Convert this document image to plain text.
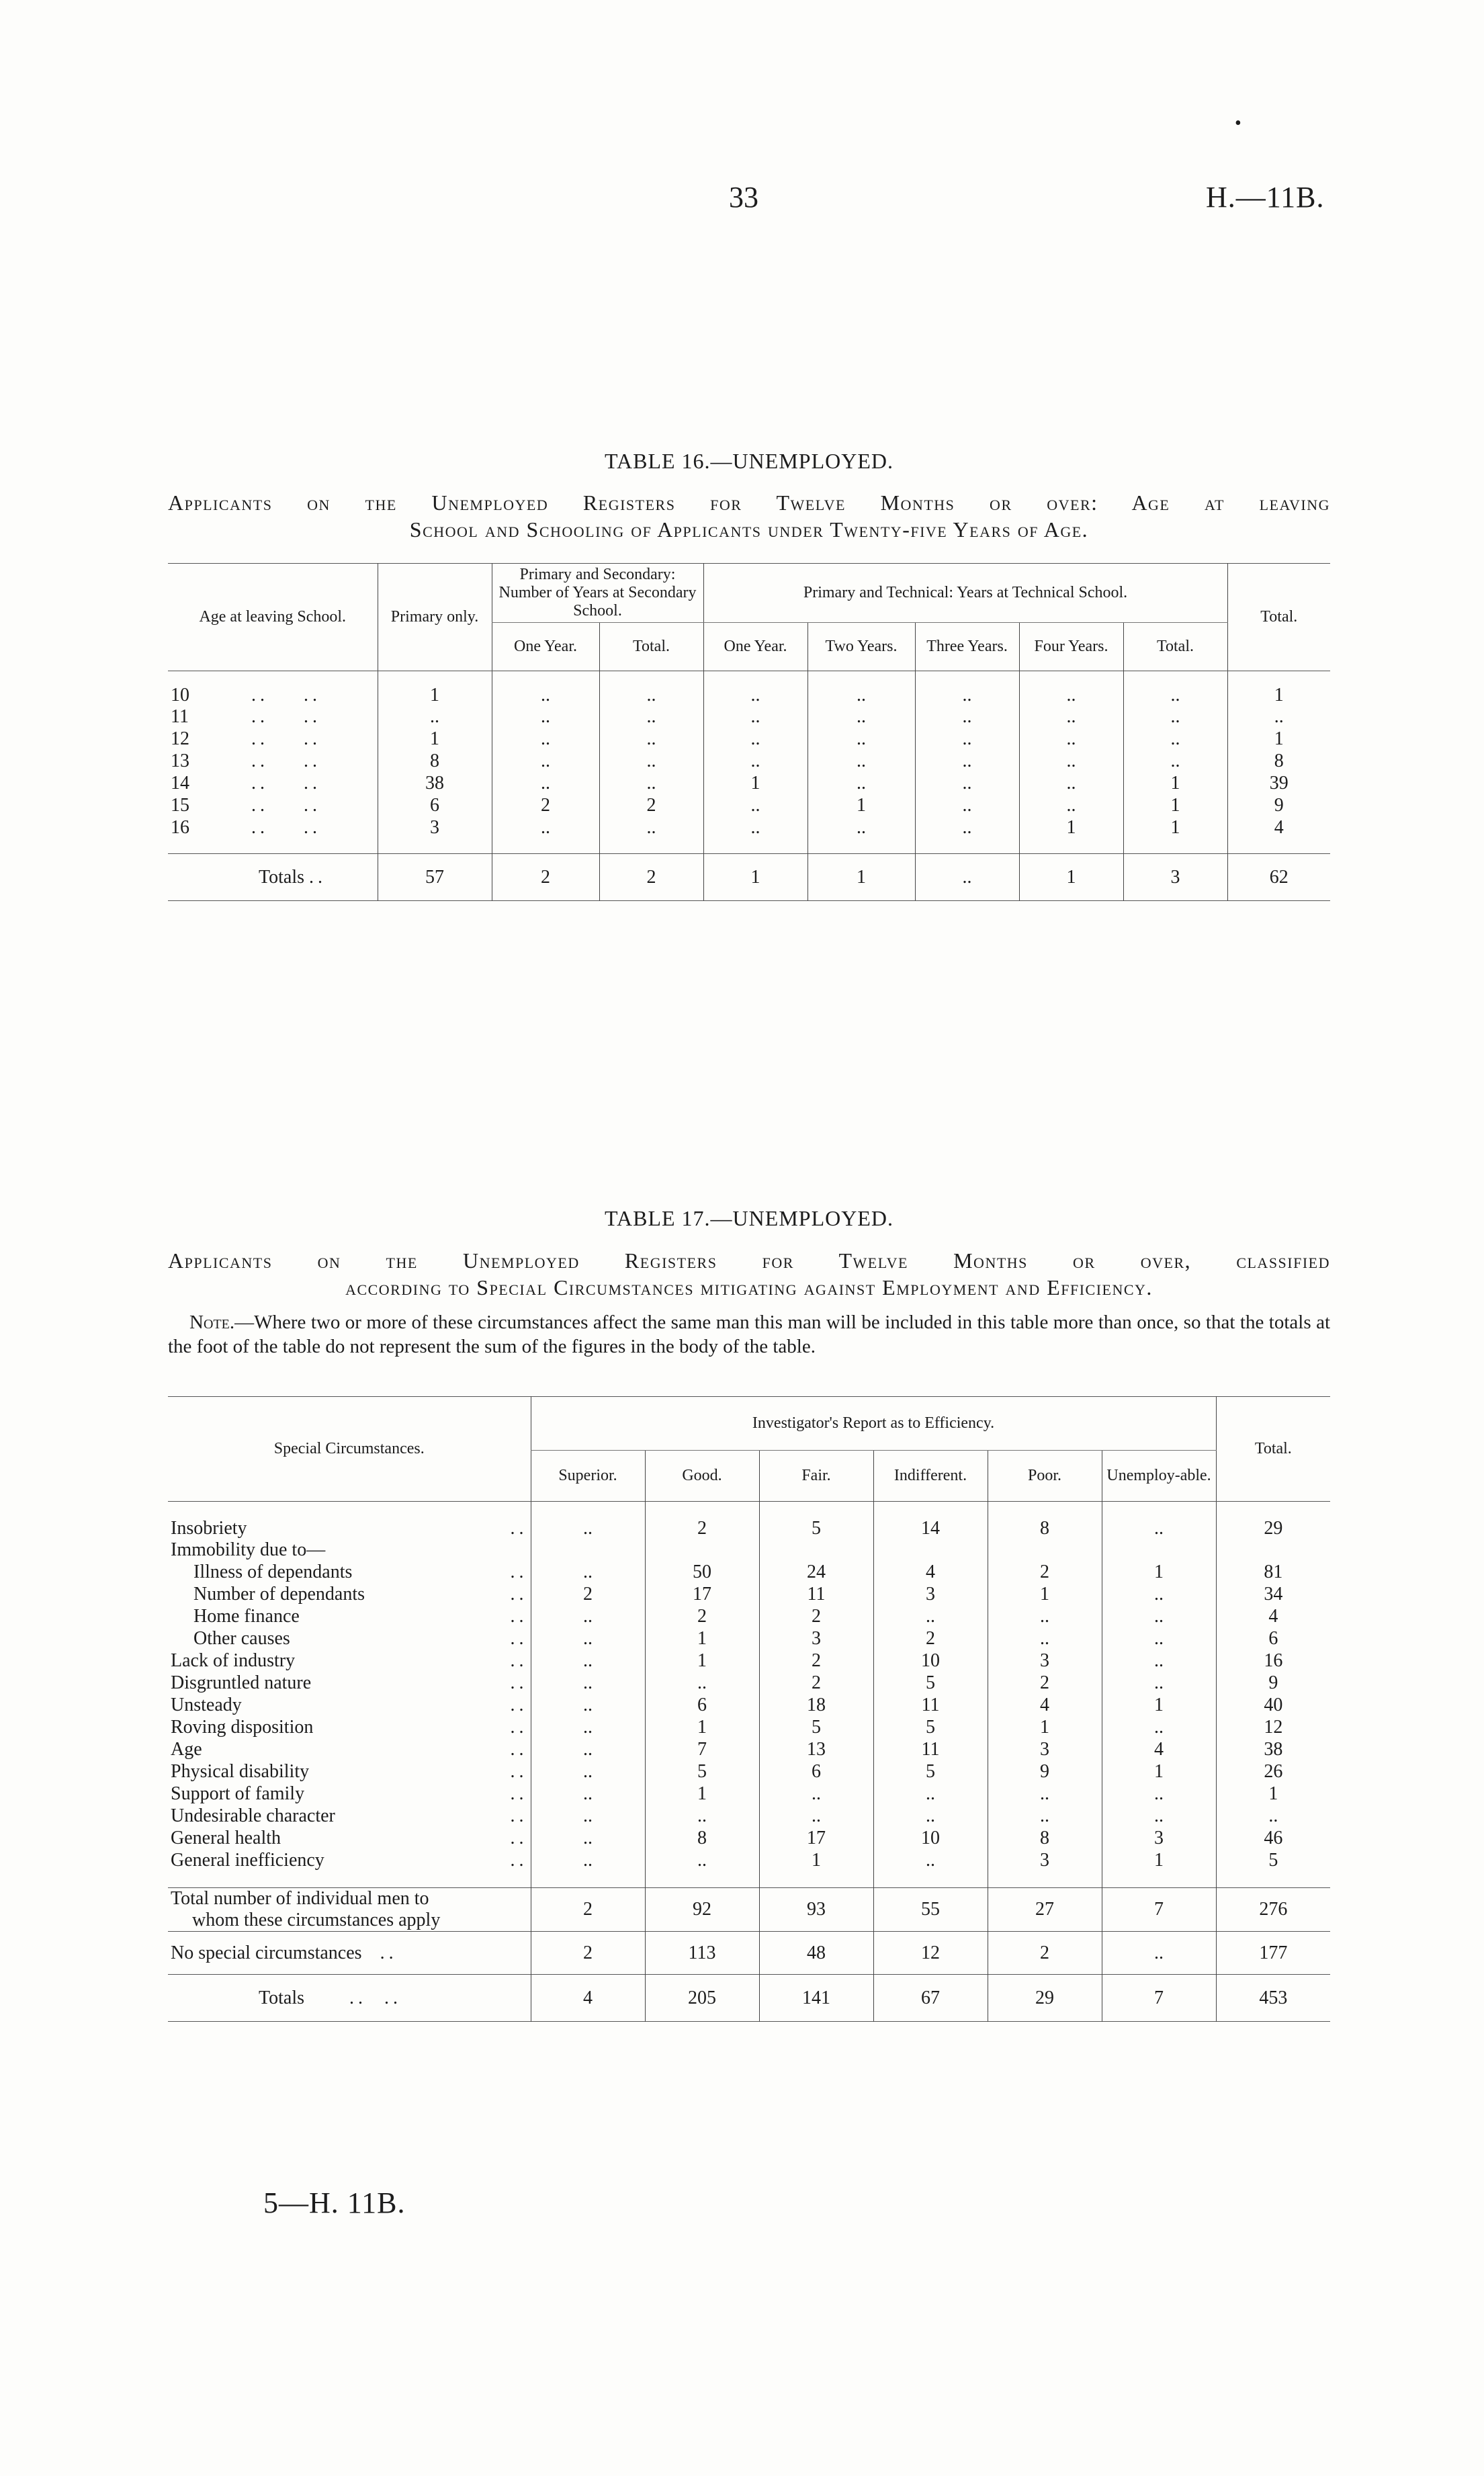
•
33	H.—11B.
TABLE 16.—UNEMPLOYED.
Applicants on the Unemployed Registers for Twelve Months or over: Age at leaving
School and Schooling of Applicants under Twenty-five Years of Age.
Age at leaving School.	Primary only.	Primary and Secondary: Number of Years at Secondary School.		Primary and Technical: Years at Technical School.					Total.
		One Year.	Total.	One Year.	Two Years.	Three Years.	Four Years.	Total.	
10 ..    ..	1	..	..	..	..	..	..	..	1
11 ..    ..	..	..	..	..	..	..	..	..	..
12 ..    ..	1	..	..	..	..	..	..	..	1
13 ..    ..	8	..	..	..	..	..	..	..	8
14 ..    ..	38	..	..	1	..	..	..	1	39
15 ..    ..	6	2	2	..	1	..	..	1	9
16 ..    ..	3	..	..	..	..	..	1	1	4

Totals ..	57	2	2	1	1	..	1	3	62
TABLE 17.—UNEMPLOYED.
Applicants on the Unemployed Registers for Twelve Months or over, classified
according to Special Circumstances mitigating against Employment and Efficiency.
Note.—Where two or more of these circumstances affect the same man this man will be included in this table more than once, so that the totals at the foot of the table do not represent the sum of the figures in the body of the table.
Special Circumstances.	Investigator's Report as to Efficiency.						Total.
	Superior.	Good.	Fair.	Indifferent.	Poor.	Unemploy-able.	
Insobriety ..	..	2	5	14	8	..	29
Immobility due to—							
Illness of dependants ..	..	50	24	4	2	1	81
Number of dependants ..	2	17	11	3	1	..	34
Home finance ..	..	2	2	..	..	..	4
Other causes ..	..	1	3	2	..	..	6
Lack of industry ..	..	1	2	10	3	..	16
Disgruntled nature ..	..	..	2	5	2	..	9
Unsteady ..	..	6	18	11	4	1	40
Roving disposition ..	..	1	5	5	1	..	12
Age ..	..	7	13	11	3	4	38
Physical disability ..	..	5	6	5	9	1	26
Support of family ..	..	1	..	..	..	..	1
Undesirable character ..	..	..	..	..	..	..	..
General health ..	..	8	17	10	8	3	46
General inefficiency ..	..	..	1	..	3	1	5

Total number of individual men to	2	92	93	55	27	7	276
whom these circumstances apply							
No special circumstances ..	2	113	48	12	2	..	177
Totals ..  ..	4	205	141	67	29	7	453
5—H. 11B.
